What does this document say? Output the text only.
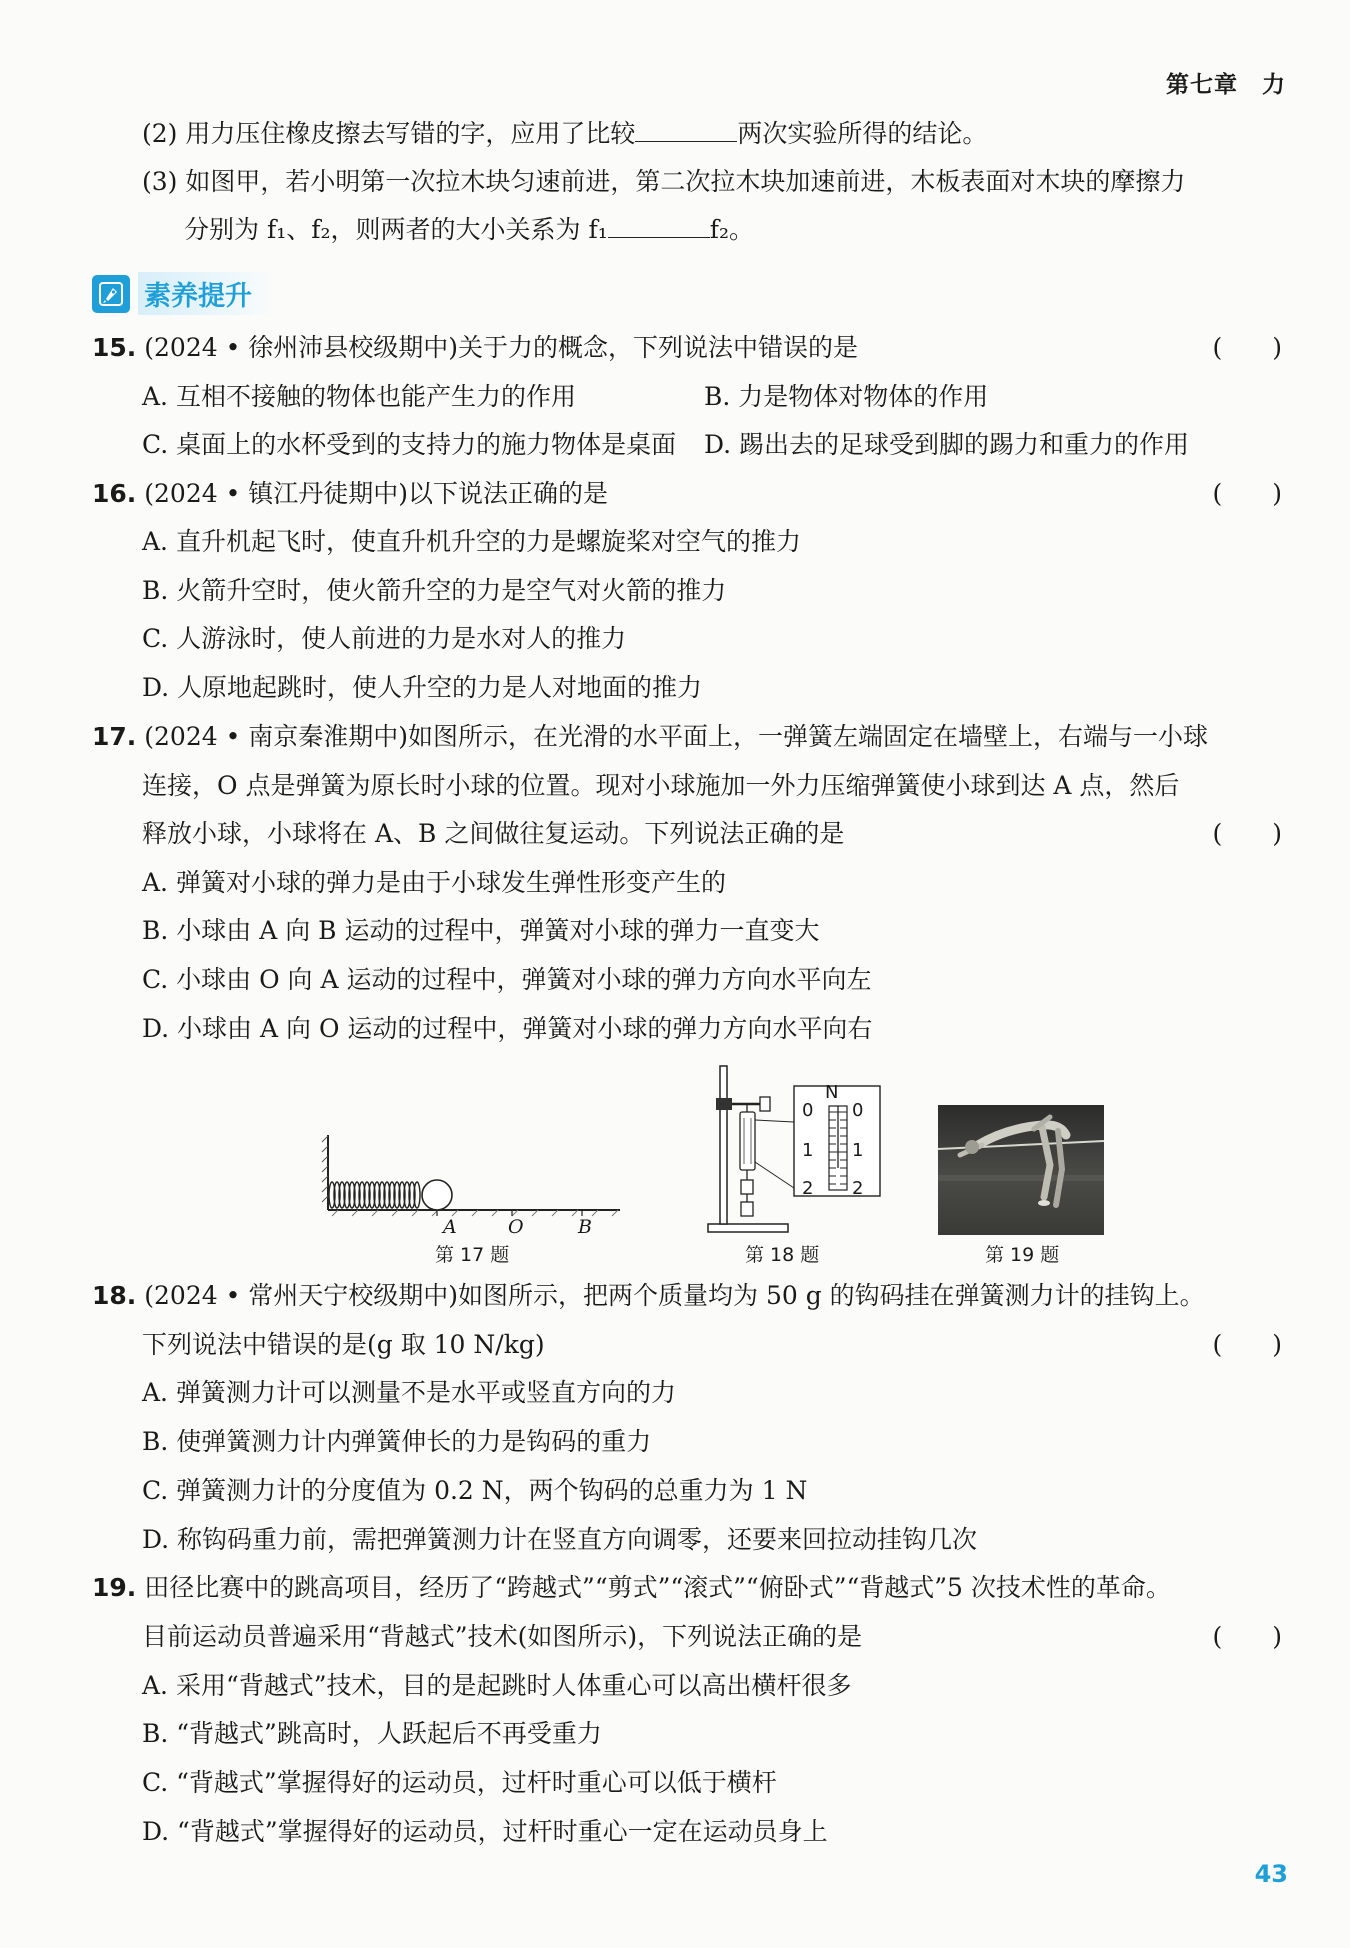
第七章　力
(2) 用力压住橡皮擦去写错的字，应用了比较	两次实验所得的结论。
(3) 如图甲，若小明第一次拉木块匀速前进，第二次拉木块加速前进，木板表面对木块的摩擦力
分别为 f₁、f₂，则两者的大小关系为 f₁	f₂。
素养提升
15. (2024 • 徐州沛县校级期中)关于力的概念，下列说法中错误的是	(　　)
A. 互相不接触的物体也能产生力的作用	B. 力是物体对物体的作用
C. 桌面上的水杯受到的支持力的施力物体是桌面 D. 踢出去的足球受到脚的踢力和重力的作用
16. (2024 • 镇江丹徒期中)以下说法正确的是	(　　)
A. 直升机起飞时，使直升机升空的力是螺旋桨对空气的推力
B. 火箭升空时，使火箭升空的力是空气对火箭的推力
C. 人游泳时，使人前进的力是水对人的推力
D. 人原地起跳时，使人升空的力是人对地面的推力
17. (2024 • 南京秦淮期中)如图所示，在光滑的水平面上，一弹簧左端固定在墙壁上，右端与一小球
连接，O 点是弹簧为原长时小球的位置。现对小球施加一外力压缩弹簧使小球到达 A 点，然后
释放小球，小球将在 A、B 之间做往复运动。下列说法正确的是	(　　)
A. 弹簧对小球的弹力是由于小球发生弹性形变产生的
B. 小球由 A 向 B 运动的过程中，弹簧对小球的弹力一直变大
C. 小球由 O 向 A 运动的过程中，弹簧对小球的弹力方向水平向左
D. 小球由 A 向 O 运动的过程中，弹簧对小球的弹力方向水平向右
A	O	B
第 17 题
N
0 0
1 1
2 2
第 18 题	第 19 题
18. (2024 • 常州天宁校级期中)如图所示，把两个质量均为 50 g 的钩码挂在弹簧测力计的挂钩上。
下列说法中错误的是(g 取 10 N/kg)	(　　)
A. 弹簧测力计可以测量不是水平或竖直方向的力
B. 使弹簧测力计内弹簧伸长的力是钩码的重力
C. 弹簧测力计的分度值为 0.2 N，两个钩码的总重力为 1 N
D. 称钩码重力前，需把弹簧测力计在竖直方向调零，还要来回拉动挂钩几次
19. 田径比赛中的跳高项目，经历了“跨越式”“剪式”“滚式”“俯卧式”“背越式”5 次技术性的革命。
目前运动员普遍采用“背越式”技术(如图所示)，下列说法正确的是	(　　)
A. 采用“背越式”技术，目的是起跳时人体重心可以高出横杆很多
B. “背越式”跳高时，人跃起后不再受重力
C. “背越式”掌握得好的运动员，过杆时重心可以低于横杆
D. “背越式”掌握得好的运动员，过杆时重心一定在运动员身上
43
